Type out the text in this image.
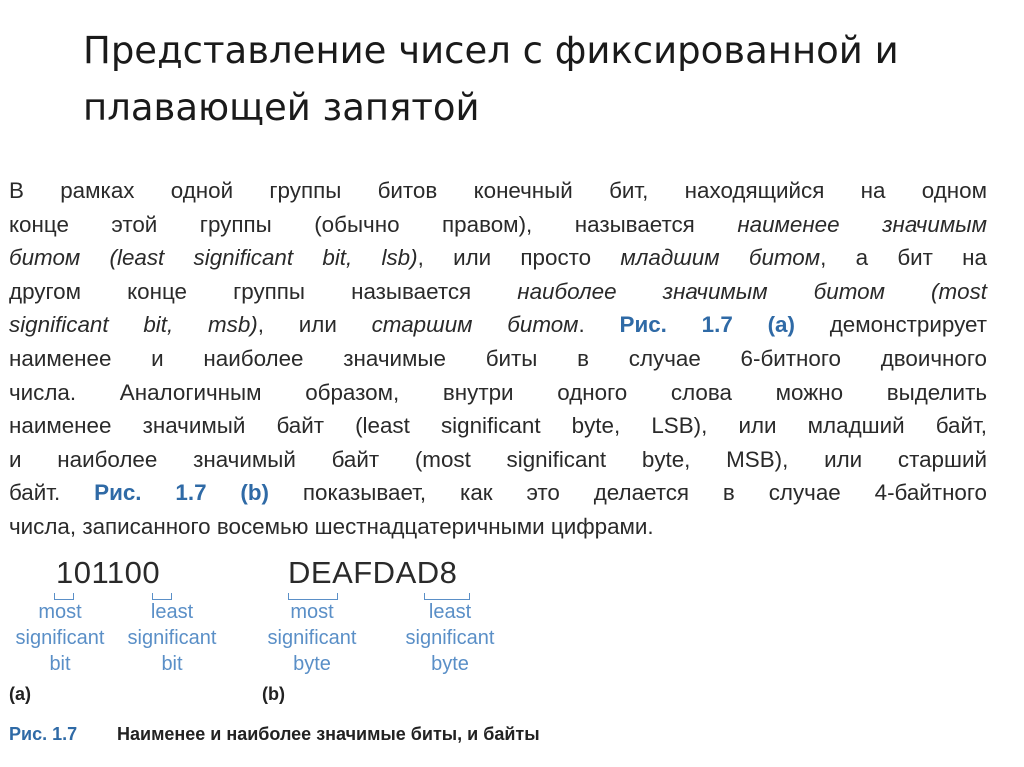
Представление чисел с фиксированной и
плавающей запятой
В рамках одной группы битов конечный бит, находящийся на одном
конце этой группы (обычно правом), называется наименее значимым
битом (least significant bit, lsb), или просто младшим битом, а бит на
другом конце группы называется наиболее значимым битом (most
significant bit, msb), или старшим битом. Рис. 1.7 (a) демонстрирует
наименее и наиболее значимые биты в случае 6-битного двоичного
числа. Аналогичным образом, внутри одного слова можно выделить
наименее значимый байт (least significant byte, LSB), или младший байт,
и наиболее значимый байт (most significant byte, MSB), или старший
байт. Рис. 1.7 (b) показывает, как это делается в случае 4-байтного
числа, записанного восемью шестнадцатеричными цифрами.
101100
most
significant
bit
least
significant
bit
(a)
DEAFDAD8
most
significant
byte
least
significant
byte
(b)
Рис. 1.7 Наименее и наиболее значимые биты, и байты
